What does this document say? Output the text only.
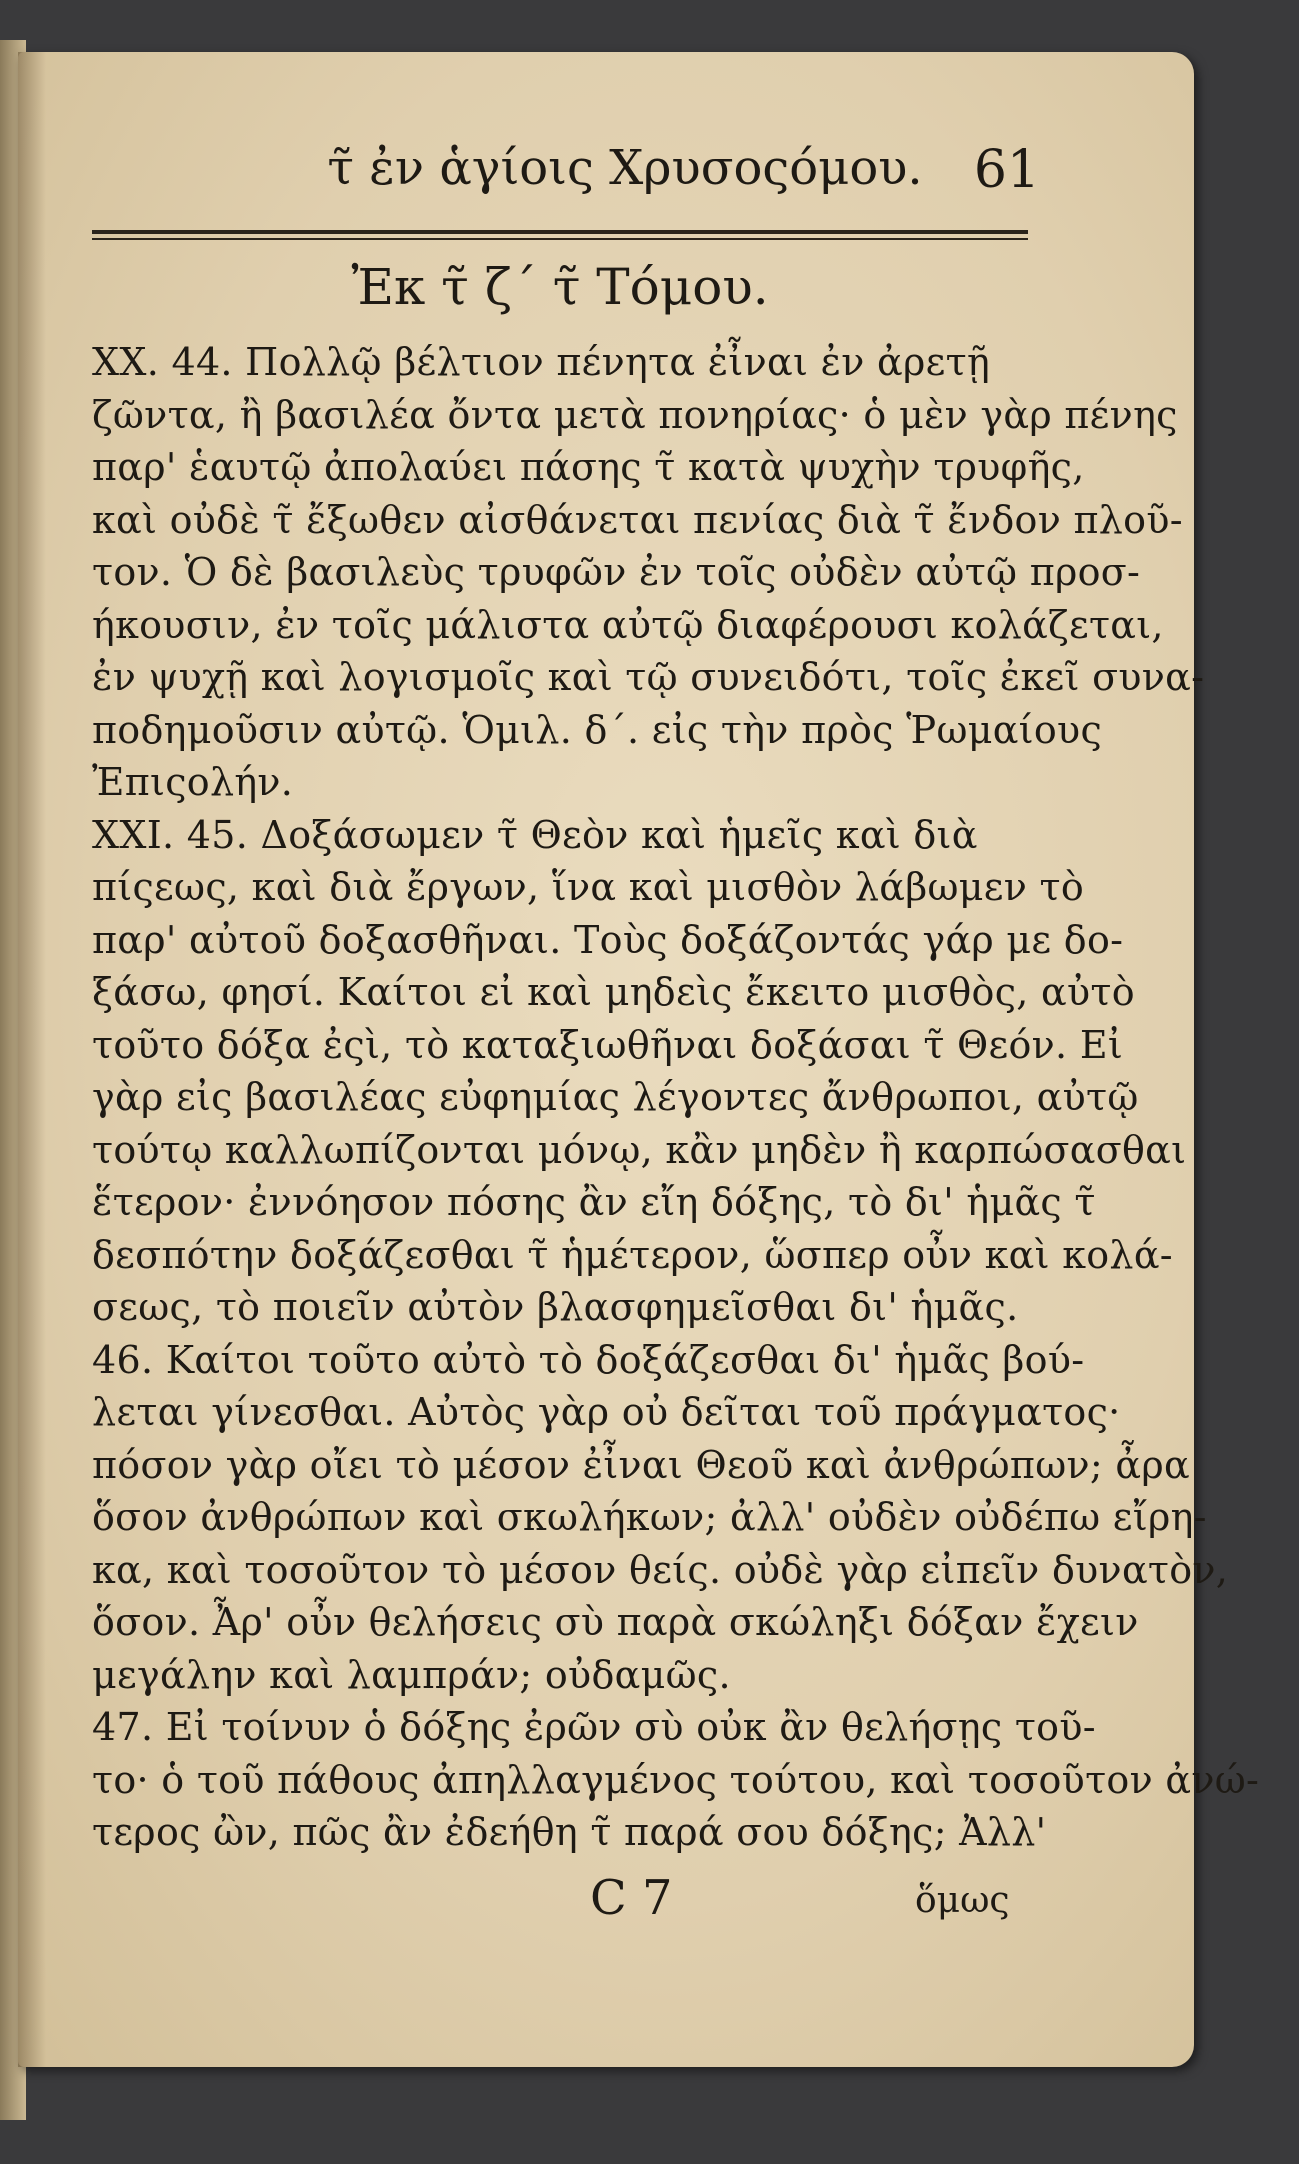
τ̃ ἐν ἁγίοις Χρυσοςόμου. 61
Ἐκ τ̃ ζ΄ τ̃ Τόμου.
XX. 44. Πολλῷ βέλτιον πένητα ἐἶναι ἐν ἀρετῇ
ζῶντα, ἢ βασιλέα ὄντα μετὰ πονηρίας· ὁ μὲν γὰρ πένης
παρ' ἑαυτῷ ἀπολαύει πάσης τ̃ κατὰ ψυχὴν τρυφῆς,
καὶ οὐδὲ τ̃ ἔξωθεν αἰσθάνεται πενίας διὰ τ̃ ἔνδον πλοῦ-
τον. Ὁ δὲ βασιλεὺς τρυφῶν ἐν τοῖς οὐδὲν αὐτῷ προσ-
ήκουσιν, ἐν τοῖς μάλιστα αὐτῷ διαφέρουσι κολάζεται,
ἐν ψυχῇ καὶ λογισμοῖς καὶ τῷ συνειδότι, τοῖς ἐκεῖ συνα-
ποδημοῦσιν αὐτῷ. Ὁμιλ. δ΄. εἰς τὴν πρὸς Ῥωμαίους
Ἐπιςολήν.
XXI. 45. Δοξάσωμεν τ̃ Θεὸν καὶ ἡμεῖς καὶ διὰ
πίςεως, καὶ διὰ ἔργων, ἵνα καὶ μισθὸν λάβωμεν τὸ
παρ' αὐτοῦ δοξασθῆναι. Τοὺς δοξάζοντάς γάρ με δο-
ξάσω, φησί. Καίτοι εἰ καὶ μηδεὶς ἔκειτο μισθὸς, αὐτὸ
τοῦτο δόξα ἐςὶ, τὸ καταξιωθῆναι δοξάσαι τ̃ Θεόν. Εἰ
γὰρ εἰς βασιλέας εὐφημίας λέγοντες ἄνθρωποι, αὐτῷ
τούτῳ καλλωπίζονται μόνῳ, κἂν μηδὲν ἢ καρπώσασθαι
ἕτερον· ἐννόησον πόσης ἂν εἴη δόξης, τὸ δι' ἡμᾶς τ̃
δεσπότην δοξάζεσθαι τ̃ ἡμέτερον, ὥσπερ οὖν καὶ κολά-
σεως, τὸ ποιεῖν αὐτὸν βλασφημεῖσθαι δι' ἡμᾶς.
46. Καίτοι τοῦτο αὐτὸ τὸ δοξάζεσθαι δι' ἡμᾶς βού-
λεται γίνεσθαι. Αὐτὸς γὰρ οὐ δεῖται τοῦ πράγματος·
πόσον γὰρ οἴει τὸ μέσον ἐἶναι Θεοῦ καὶ ἀνθρώπων; ἆρα
ὅσον ἀνθρώπων καὶ σκωλήκων; ἀλλ' οὐδὲν οὐδέπω εἴρη-
κα, καὶ τοσοῦτον τὸ μέσον θείς. οὐδὲ γὰρ εἰπεῖν δυνατὸν,
ὅσον. Ἆρ' οὖν θελήσεις σὺ παρὰ σκώληξι δόξαν ἔχειν
μεγάλην καὶ λαμπράν; οὐδαμῶς.
47. Εἰ τοίνυν ὁ δόξης ἐρῶν σὺ οὐκ ἂν θελήσῃς τοῦ-
το· ὁ τοῦ πάθους ἀπηλλαγμένος τούτου, καὶ τοσοῦτον ἀνώ-
τερος ὢν, πῶς ἂν ἐδεήθη τ̃ παρά σου δόξης; Ἀλλ'
C 7	ὅμως
